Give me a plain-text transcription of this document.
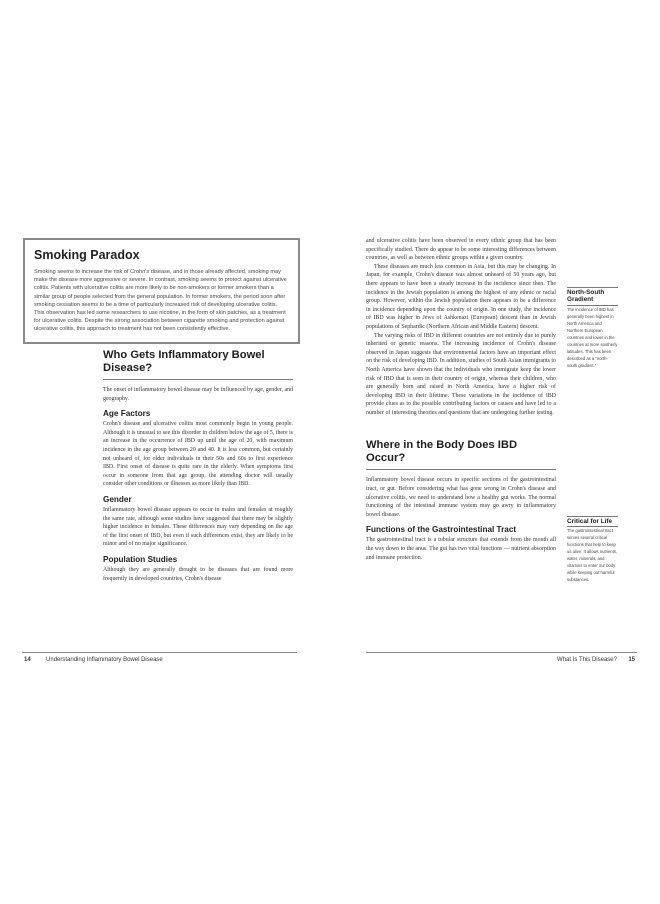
Smoking Paradox

Smoking seems to increase the risk of Crohn's disease, and in those already affected, smoking may make the disease more aggressive or severe. In contrast, smoking seems to protect against ulcerative colitis. Patients with ulcerative colitis are more likely to be non-smokers or former smokers than a similar group of people selected from the general population. In former smokers, the period soon after smoking cessation seems to be a time of particularly increased risk of developing ulcerative colitis. This observation has led some researchers to use nicotine, in the form of skin patches, as a treatment for ulcerative colitis. Despite the strong association between cigarette smoking and protection against ulcerative colitis, this approach to treatment has not been consistently effective.

Who Gets Inflammatory Bowel Disease?

The onset of inflammatory bowel disease may be influenced by age, gender, and geography.

Age Factors

Crohn's disease and ulcerative colitis most commonly begin in young people. Although it is unusual to see this disorder in children below the age of 5, there is an increase in the occurrence of IBD up until the age of 20, with maximum incidence in the age group between 20 and 40. It is less common, but certainly not unheard of, for older individuals in their 50s and 60s to first experience IBD. First onset of disease is quite rare in the elderly. When symptoms first occur in someone from that age group, the attending doctor will usually consider other conditions or illnesses as more likely than IBD.

Gender

Inflammatory bowel disease appears to occur in males and females at roughly the same rate, although some studies have suggested that there may be slightly higher incidence in females. These differences may vary depending on the age of the first onset of IBD, but even if such differences exist, they are likely to be minor and of no major significance.

Population Studies

Although they are generally thought to be diseases that are found more frequently in developed countries, Crohn's disease

and ulcerative colitis have been observed in every ethnic group that has been specifically studied. There do appear to be some interesting differences between countries, as well as between ethnic groups within a given country.

These diseases are much less common in Asia, but this may be changing. In Japan, for example, Crohn's disease was almost unheard of 50 years ago, but there appears to have been a steady increase in the incidence since then. The incidence in the Jewish population is among the highest of any ethnic or racial group. However, within the Jewish population there appears to be a difference in incidence depending upon the country of origin. In one study, the incidence of IBD was higher in Jews of Ashkenazi (European) descent than in Jewish populations of Sephardic (Northern African and Middle Eastern) descent.

The varying risks of IBD in different countries are not entirely due to purely inherited or genetic reasons. The increasing incidence of Crohn's disease observed in Japan suggests that environmental factors have an important effect on the risk of developing IBD. In addition, studies of South Asian immigrants to North America have shown that the individuals who immigrate keep the lower risk of IBD that is seen in their country of origin, whereas their children, who are generally born and raised in North America, have a higher risk of developing IBD in their lifetime. These variations in the incidence of IBD provide clues as to the possible contributing factors or causes and have led to a number of interesting theories and questions that are undergoing further testing.

Where in the Body Does IBD Occur?

Inflammatory bowel disease occurs in specific sections of the gastrointestinal tract, or gut. Before considering what has gone wrong in Crohn's disease and ulcerative colitis, we need to understand how a healthy gut works. The normal functioning of the intestinal immune system may go awry in inflammatory bowel disease.

Functions of the Gastrointestinal Tract

The gastrointestinal tract is a tubular structure that extends from the mouth all the way down to the anus. The gut has two vital functions — nutrient absorption and immune protection.

North-South Gradient

The incidence of IBD has generally been highest in North America and Northern European countries and lower in the countries at more southerly latitudes. This has been described as a "north-south gradient."

Critical for Life

The gastrointestinal tract serves several critical functions that help to keep us alive. It allows nutrients, water, minerals, and vitamins to enter our body while keeping out harmful substances.

14	Understanding Inflammatory Bowel Disease	What Is This Disease? 15
